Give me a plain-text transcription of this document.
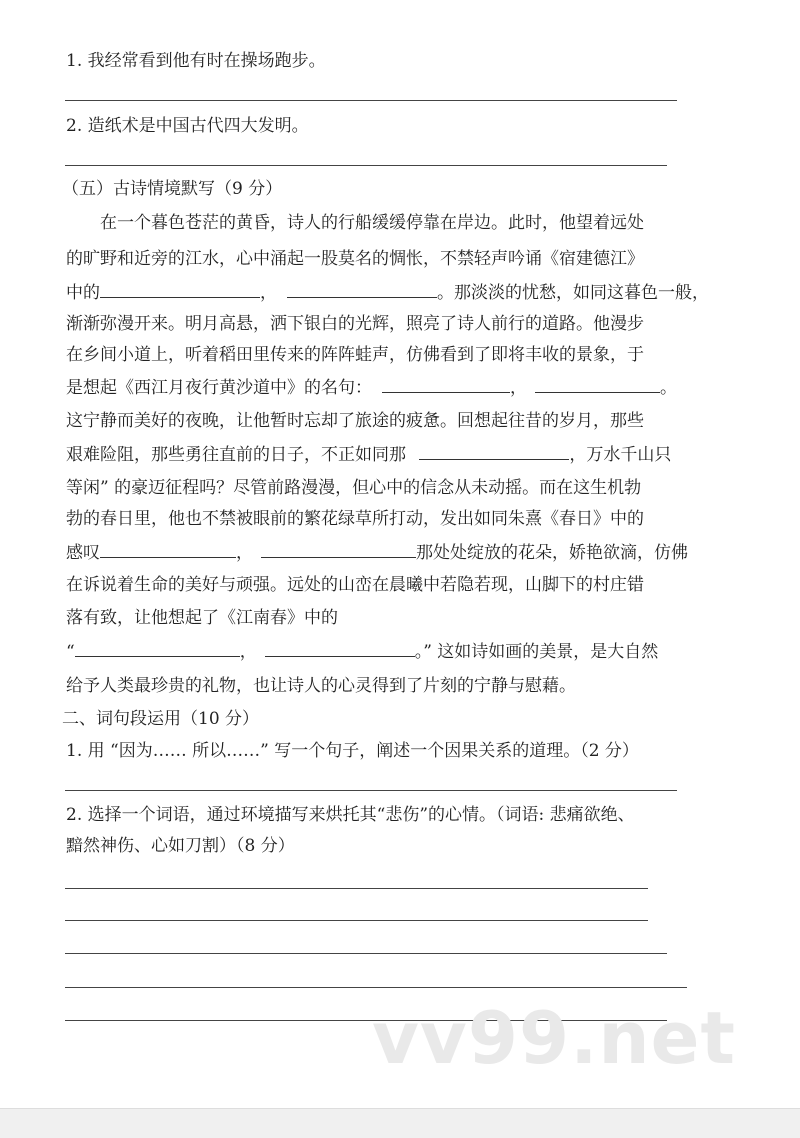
1. 我经常看到他有时在操场跑步。
2. 造纸术是中国古代四大发明。
（五）古诗情境默写（9 分）
在一个暮色苍茫的黄昏，诗人的行船缓缓停靠在岸边。此时，他望着远处
的旷野和近旁的江水，心中涌起一股莫名的惆怅，不禁轻声吟诵《宿建德江》
中的	，	。那淡淡的忧愁，如同这暮色一般，
渐渐弥漫开来。明月高悬，洒下银白的光辉，照亮了诗人前行的道路。他漫步
在乡间小道上，听着稻田里传来的阵阵蛙声，仿佛看到了即将丰收的景象，于
是想起《西江月夜行黄沙道中》的名句：	，	。
这宁静而美好的夜晚，让他暂时忘却了旅途的疲惫。回想起往昔的岁月，那些
艰难险阻，那些勇往直前的日子，不正如同那	，万水千山只
等闲” 的豪迈征程吗？尽管前路漫漫，但心中的信念从未动摇。而在这生机勃
勃的春日里，他也不禁被眼前的繁花绿草所打动，发出如同朱熹《春日》中的
感叹	，	那处处绽放的花朵，娇艳欲滴，仿佛
在诉说着生命的美好与顽强。远处的山峦在晨曦中若隐若现，山脚下的村庄错
落有致，让他想起了《江南春》中的
“	，	。” 这如诗如画的美景，是大自然
给予人类最珍贵的礼物，也让诗人的心灵得到了片刻的宁静与慰藉。
二、词句段运用（10 分）
1. 用 “因为…… 所以……” 写一个句子，阐述一个因果关系的道理。（2 分）
2. 选择一个词语，通过环境描写来烘托其“悲伤”的心情。（词语: 悲痛欲绝、
黯然神伤、心如刀割）（8 分）
vv99.net
